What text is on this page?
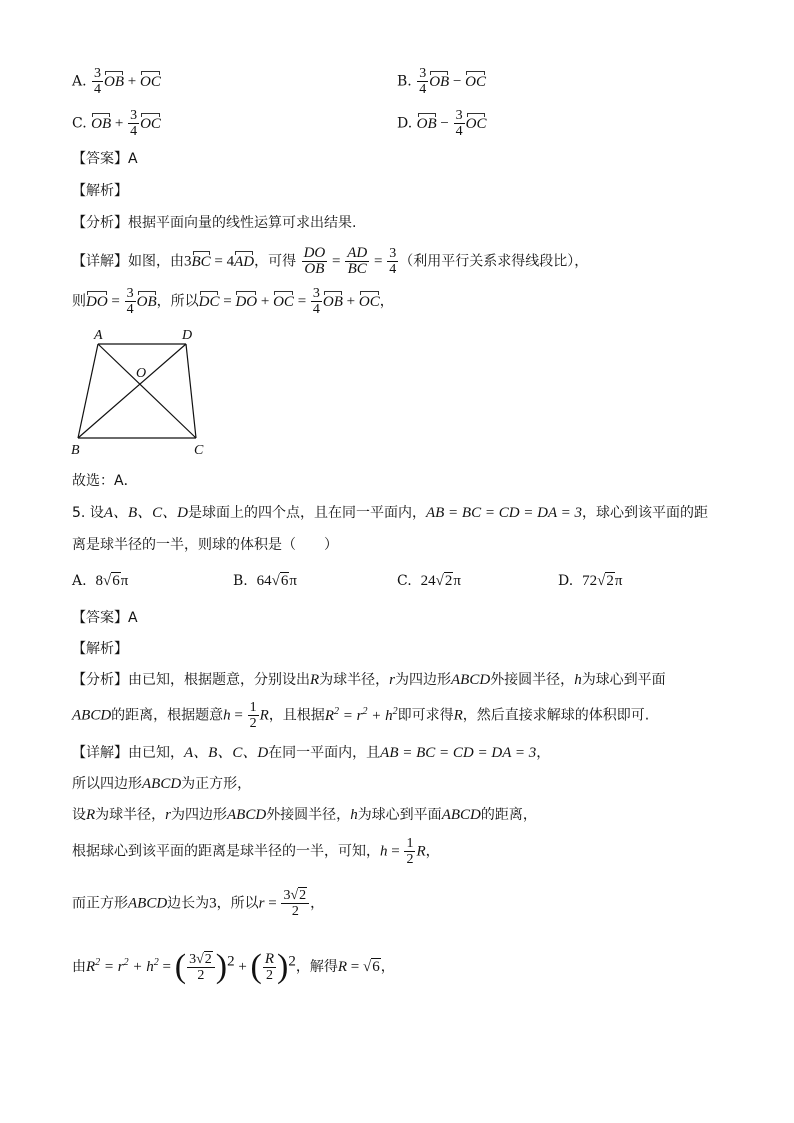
A. $\frac{3}{4}$ OB + OC	B. $\frac{3}{4}$ OB − OC
C. OB + $\frac{3}{4}$ OC	D. OB − $\frac{3}{4}$ OC
【答案】A
【解析】
【分析】根据平面向量的线性运算可求出结果.
【详解】如图，由3BC = 4AD，可得 $\frac{DO}{OB} = \frac{AD}{BC} = \frac{3}{4}$ （利用平行关系求得线段比），
则DO = $\frac{3}{4}$ OB，所以DC = DO + OC = $\frac{3}{4}$ OB + OC，
A	D
O
B	C
故选：A．
5. 设A、B、C、D是球面上的四个点，且在同一平面内，AB = BC = CD = DA = 3，球心到该平面的距
离是球半径的一半，则球的体积是（　　）
A. 8√6π	B. 64√6π	C. 24√2π	D. 72√2π
【答案】A
【解析】
【分析】由已知，根据题意，分别设出R为球半径，r为四边形ABCD外接圆半径，h为球心到平面
ABCD的距离，根据题意$h = \frac{1}{2}$ R，且根据$R^2 = r^2 + h^2$即可求得R，然后直接求解球的体积即可.
【详解】由已知，A、B、C、D在同一平面内，且AB = BC = CD = DA = 3，
所以四边形ABCD为正方形，
设R为球半径，r为四边形ABCD外接圆半径，h为球心到平面ABCD的距离，
根据球心到该平面的距离是球半径的一半，可知，$h = \frac{1}{2}$ R，
而正方形ABCD边长为3，所以$r = \frac{3√2}{2}$ ，
由$R^2 = r^2 + h^2$ = ( $\frac{3√2}{2} )^2$ + ( $\frac{R}{2} )^2$，解得R = √6，
